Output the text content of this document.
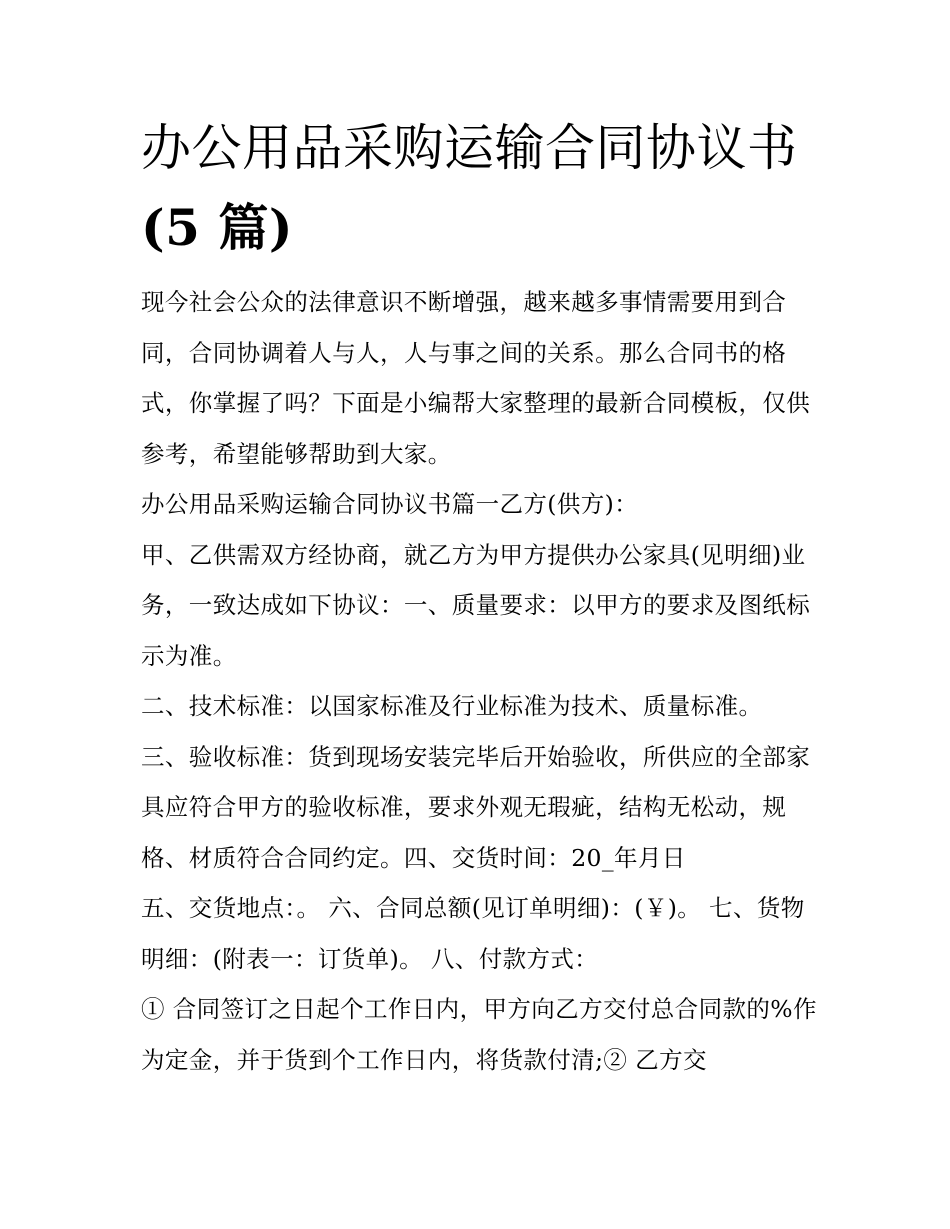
办公用品采购运输合同协议书
(5 篇)

现今社会公众的法律意识不断增强，越来越多事情需要用到合同，合同协调着人与人，人与事之间的关系。那么合同书的格式，你掌握了吗？下面是小编帮大家整理的最新合同模板，仅供参考，希望能够帮助到大家。

办公用品采购运输合同协议书篇一乙方(供方)：

甲、乙供需双方经协商，就乙方为甲方提供办公家具(见明细)业务，一致达成如下协议：一、质量要求：以甲方的要求及图纸标示为准。

二、技术标准：以国家标准及行业标准为技术、质量标准。

三、验收标准：货到现场安装完毕后开始验收，所供应的全部家具应符合甲方的验收标准，要求外观无瑕疵，结构无松动，规格、材质符合合同约定。四、交货时间：20_年月日

五、交货地点：。 六、合同总额(见订单明细)：(￥)。 七、货物明细：(附表一：订货单)。 八、付款方式：

① 合同签订之日起个工作日内，甲方向乙方交付总合同款的%作为定金，并于货到个工作日内，将货款付清;② 乙方交
